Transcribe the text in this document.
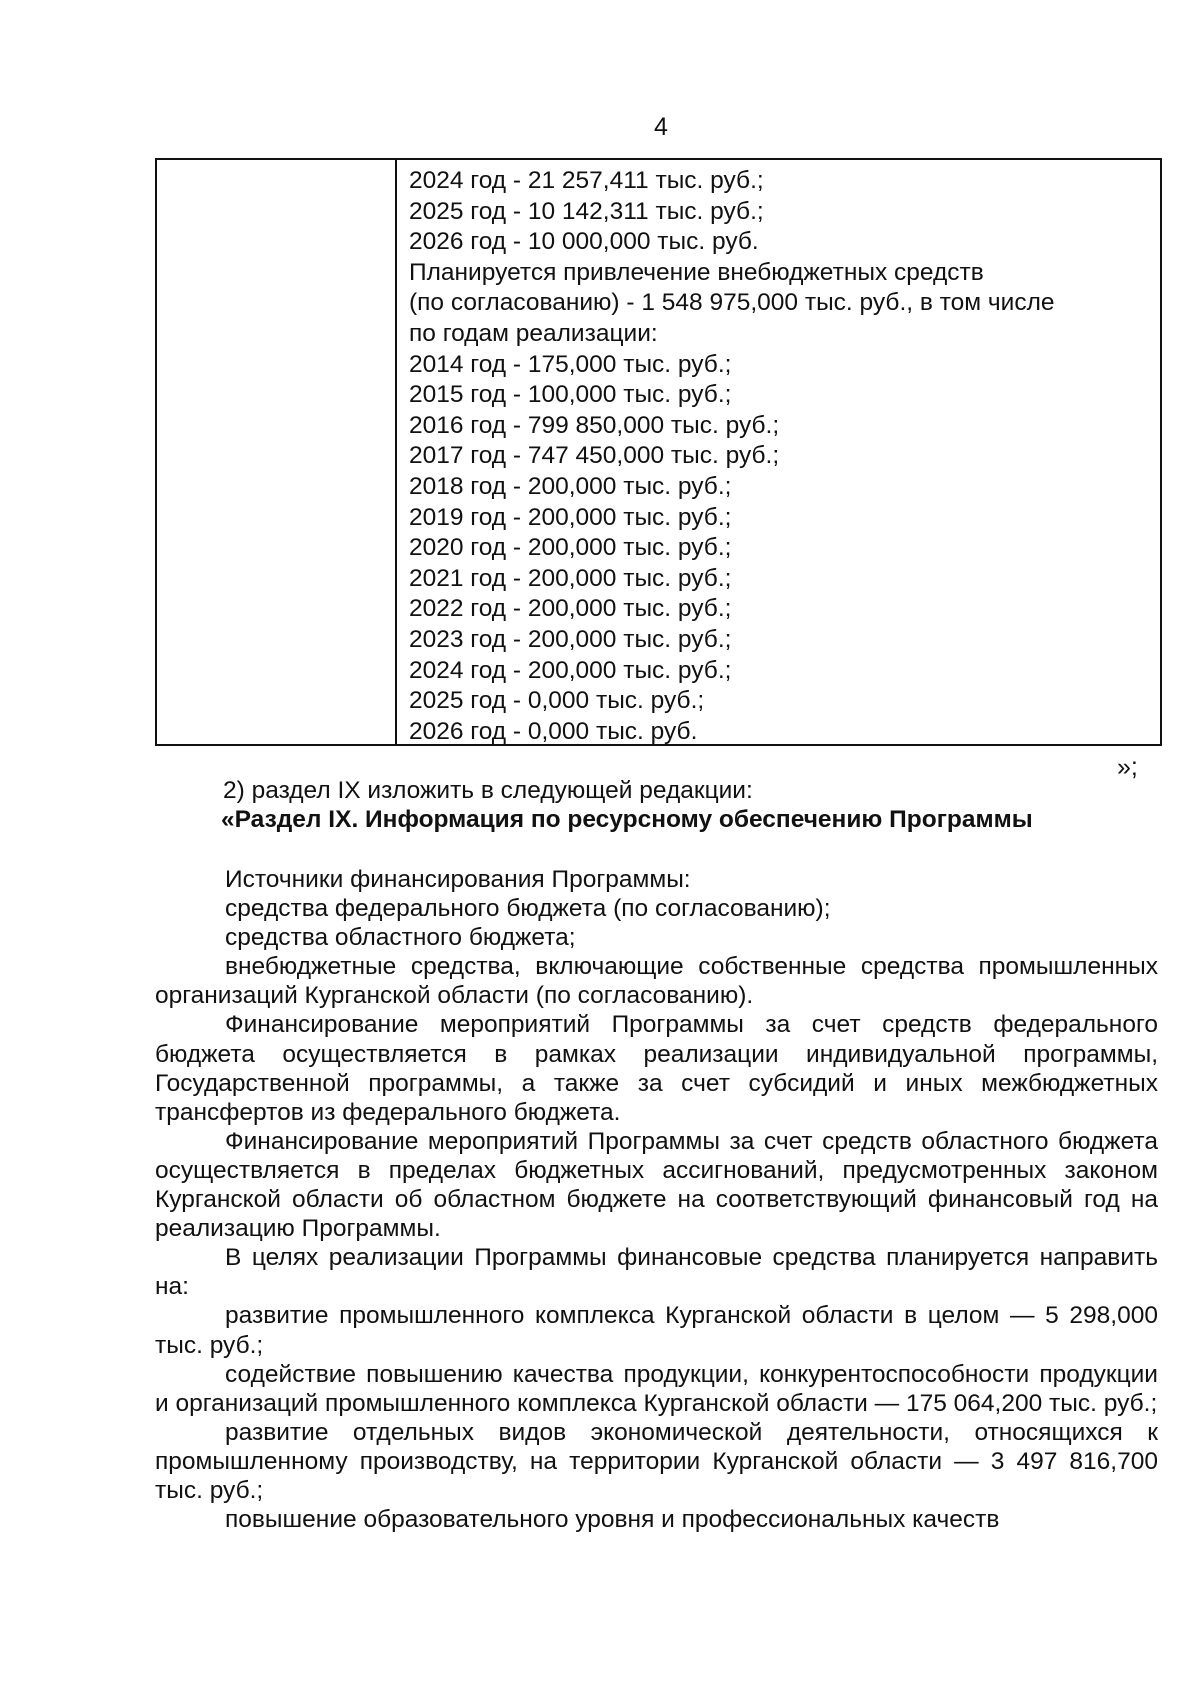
4
2024 год - 21 257,411 тыс. руб.;
2025 год - 10 142,311 тыс. руб.;
2026 год - 10 000,000 тыс. руб.
Планируется привлечение внебюджетных средств
(по согласованию) - 1 548 975,000 тыс. руб., в том числе
по годам реализации:
2014 год - 175,000 тыс. руб.;
2015 год - 100,000 тыс. руб.;
2016 год - 799 850,000 тыс. руб.;
2017 год - 747 450,000 тыс. руб.;
2018 год - 200,000 тыс. руб.;
2019 год - 200,000 тыс. руб.;
2020 год - 200,000 тыс. руб.;
2021 год - 200,000 тыс. руб.;
2022 год - 200,000 тыс. руб.;
2023 год - 200,000 тыс. руб.;
2024 год - 200,000 тыс. руб.;
2025 год - 0,000 тыс. руб.;
2026 год - 0,000 тыс. руб.
»;
2) раздел IX изложить в следующей редакции:
«Раздел IX. Информация по ресурсному обеспечению Программы

Источники финансирования Программы:

средства федерального бюджета (по согласованию);

средства областного бюджета;

внебюджетные средства, включающие собственные средства промышленных организаций Курганской области (по согласованию).

Финансирование мероприятий Программы за счет средств федерального бюджета осуществляется в рамках реализации индивидуальной программы, Государственной программы, а также за счет субсидий и иных межбюджетных трансфертов из федерального бюджета.

Финансирование мероприятий Программы за счет средств областного бюджета осуществляется в пределах бюджетных ассигнований, предусмотренных законом Курганской области об областном бюджете на соответствующий финансовый год на реализацию Программы.

В целях реализации Программы финансовые средства планируется направить на:

развитие промышленного комплекса Курганской области в целом — 5 298,000 тыс. руб.;

содействие повышению качества продукции, конкурентоспособности продукции и организаций промышленного комплекса Курганской области — 175 064,200 тыс. руб.;

развитие отдельных видов экономической деятельности, относящихся к промышленному производству, на территории Курганской области — 3 497 816,700 тыс. руб.;

повышение образовательного уровня и профессиональных качеств
